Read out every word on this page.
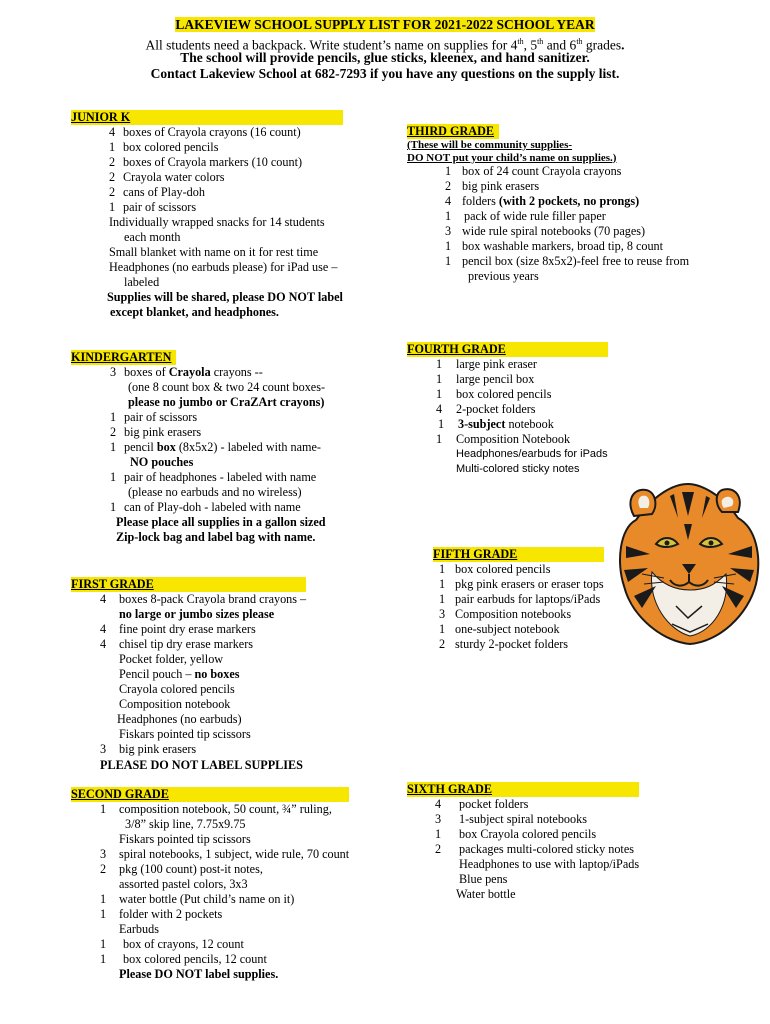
LAKEVIEW SCHOOL SUPPLY LIST FOR 2021-2022 SCHOOL YEAR
All students need a backpack. Write student’s name on supplies for 4th, 5th and 6th grades.
The school will provide pencils, glue sticks, kleenex, and hand sanitizer.
Contact Lakeview School at 682-7293 if you have any questions on the supply list.
JUNIOR K
4 boxes of Crayola crayons (16 count)
1 box colored pencils
2 boxes of Crayola markers (10 count)
2 Crayola water colors
2 cans of Play-doh
1 pair of scissors
Individually wrapped snacks for 14 students
each month
Small blanket with name on it for rest time
Headphones (no earbuds please) for iPad use –
labeled
Supplies will be shared, please DO NOT label
except blanket, and headphones.
KINDERGARTEN
3 boxes of Crayola crayons --
(one 8 count box & two 24 count boxes-
please no jumbo or CraZArt crayons)
1 pair of scissors
2 big pink erasers
1 pencil box (8x5x2) - labeled with name-
NO pouches
1 pair of headphones - labeled with name
(please no earbuds and no wireless)
1 can of Play-doh - labeled with name
Please place all supplies in a gallon sized
Zip-lock bag and label bag with name.
FIRST GRADE
4	boxes 8-pack Crayola brand crayons –
no large or jumbo sizes please
4	fine point dry erase markers
4	chisel tip dry erase markers
Pocket folder, yellow
Pencil pouch – no boxes
Crayola colored pencils
Composition notebook
Headphones (no earbuds)
Fiskars pointed tip scissors
3	big pink erasers
PLEASE DO NOT LABEL SUPPLIES
SECOND GRADE
1	composition notebook, 50 count, ¾” ruling,
3/8” skip line, 7.75x9.75
Fiskars pointed tip scissors
3	spiral notebooks, 1 subject, wide rule, 70 count
2	pkg (100 count) post-it notes,
assorted pastel colors, 3x3
1	water bottle (Put child’s name on it)
1	folder with 2 pockets
Earbuds
1	box of crayons, 12 count
1	box colored pencils, 12 count
Please DO NOT label supplies.
THIRD GRADE
(These will be community supplies-
DO NOT put your child’s name on supplies.)
1 box of 24 count Crayola crayons
2 big pink erasers
4 folders (with 2 pockets, no prongs)
1	pack of wide rule filler paper
3 wide rule spiral notebooks (70 pages)
1 box washable markers, broad tip, 8 count
1 pencil box (size 8x5x2)-feel free to reuse from
previous years
FOURTH GRADE
1	large pink eraser
1	large pencil box
1	box colored pencils
4	2-pocket folders
1	3-subject notebook
1	Composition Notebook
Headphones/earbuds for iPads
Multi-colored sticky notes
FIFTH GRADE
1 box colored pencils
1 pkg pink erasers or eraser tops
1 pair earbuds for laptops/iPads
3 Composition notebooks
1 one-subject notebook
2 sturdy 2-pocket folders
SIXTH GRADE
4	pocket folders
3	1-subject spiral notebooks
1	box Crayola colored pencils
2	packages multi-colored sticky notes
Headphones to use with laptop/iPads
Blue pens
Water bottle
